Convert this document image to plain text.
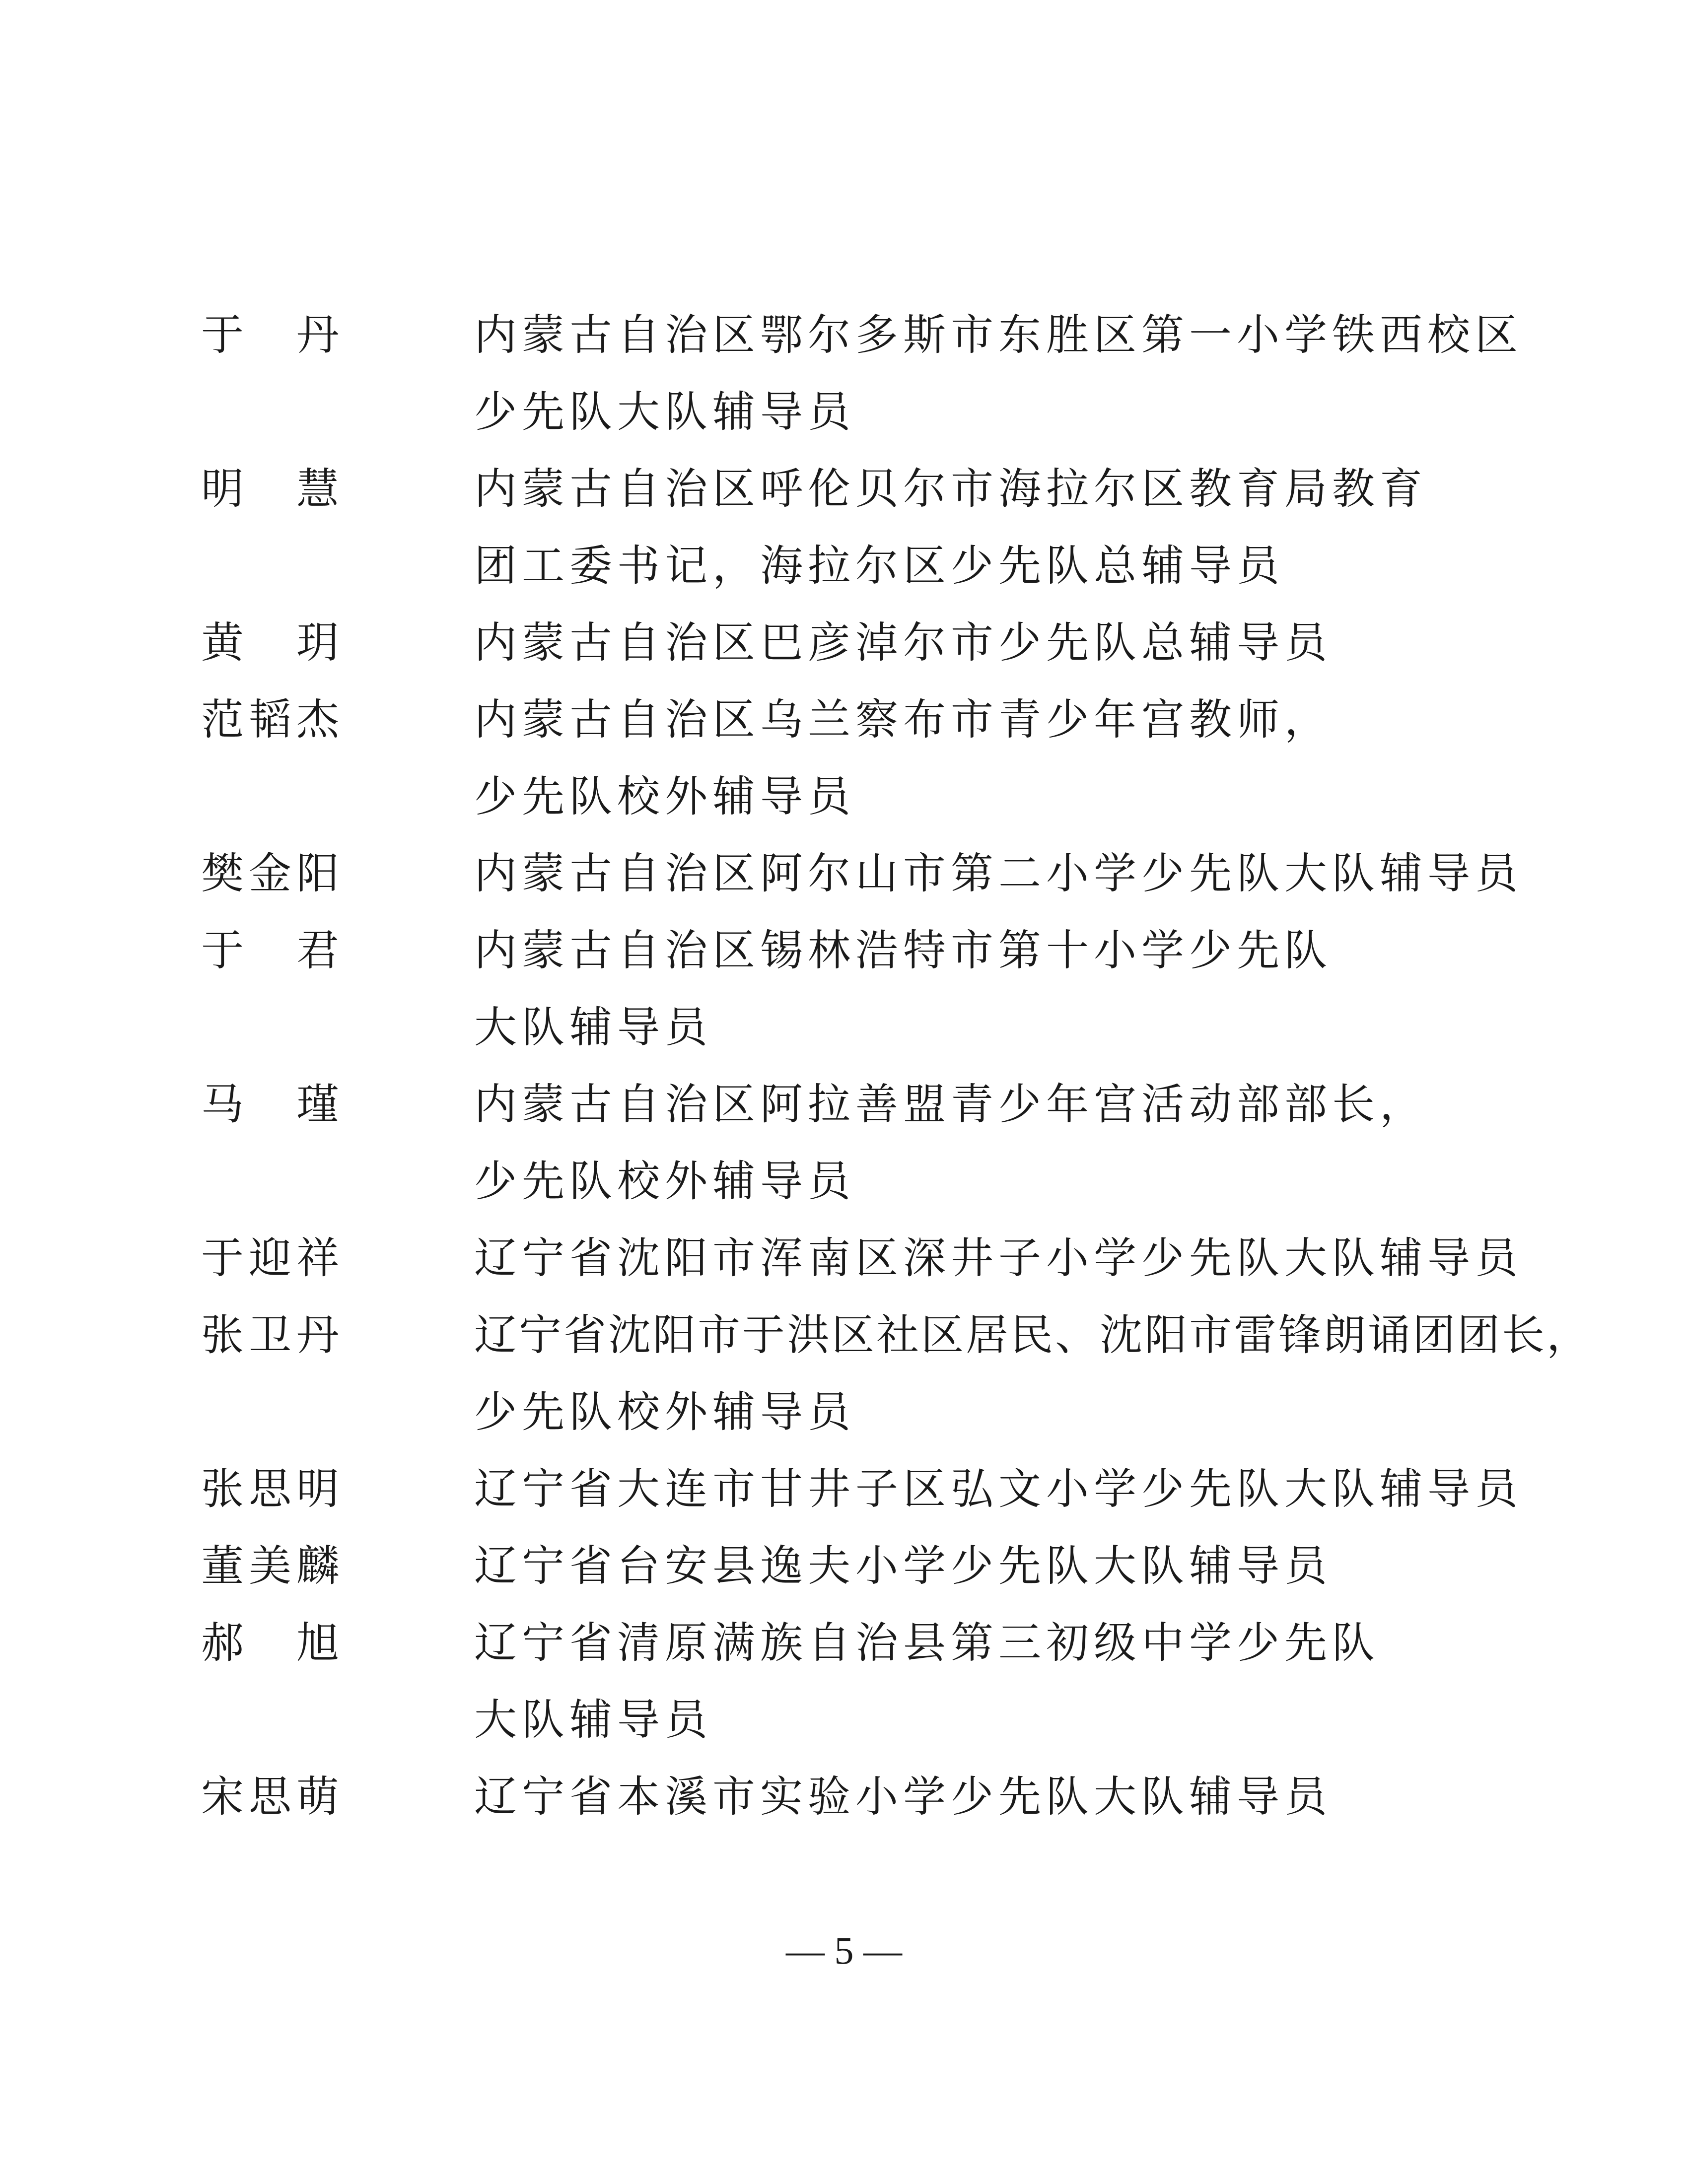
于　丹	内蒙古自治区鄂尔多斯市东胜区第一小学铁西校区
少先队大队辅导员
明　慧	内蒙古自治区呼伦贝尔市海拉尔区教育局教育
团工委书记，海拉尔区少先队总辅导员
黄　玥	内蒙古自治区巴彦淖尔市少先队总辅导员
范韬杰	内蒙古自治区乌兰察布市青少年宫教师，
少先队校外辅导员
樊金阳	内蒙古自治区阿尔山市第二小学少先队大队辅导员
于　君	内蒙古自治区锡林浩特市第十小学少先队
大队辅导员
马　瑾	内蒙古自治区阿拉善盟青少年宫活动部部长，
少先队校外辅导员
于迎祥	辽宁省沈阳市浑南区深井子小学少先队大队辅导员
张卫丹	辽宁省沈阳市于洪区社区居民、沈阳市雷锋朗诵团团长，
少先队校外辅导员
张思明	辽宁省大连市甘井子区弘文小学少先队大队辅导员
董美麟	辽宁省台安县逸夫小学少先队大队辅导员
郝　旭	辽宁省清原满族自治县第三初级中学少先队
大队辅导员
宋思萌	辽宁省本溪市实验小学少先队大队辅导员
— 5 —
